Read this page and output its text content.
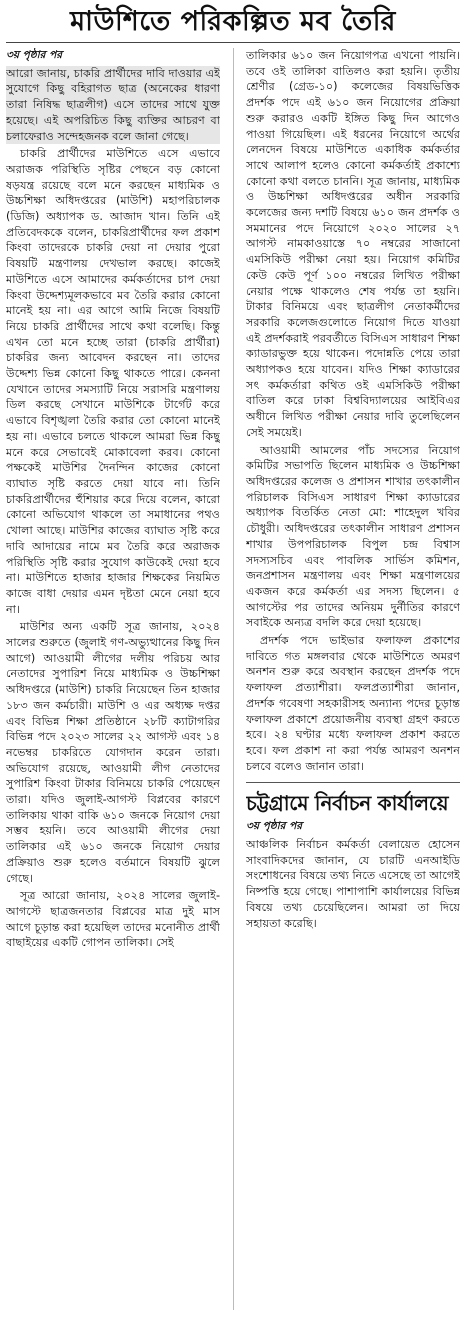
মাউশিতে পরিকল্পিত মব তৈরি
৩য় পৃষ্ঠার পর

আরো জানায়, চাকরি প্রার্থীদের দাবি দাওয়ার এই সুযোগে কিছু বহিরাগত ছাত্র (অনেকের ধারণা তারা নিষিদ্ধ ছাত্রলীগ) এসে তাদের সাথে যুক্ত হয়েছে। এই অপরিচিত কিছু ব্যক্তির আচরণ বা চলাফেরাও সন্দেহজনক বলে জানা গেছে।

চাকরি প্রার্থীদের মাউশিতে এসে এভাবে অরাজক পরিস্থিতি সৃষ্টির পেছনে বড় কোনো ষড়যন্ত্র রয়েছে বলে মনে করছেন মাধ্যমিক ও উচ্চশিক্ষা অধিদপ্তরের (মাউশি) মহাপরিচালক (ডিজি) অধ্যাপক ড. আজাদ খান। তিনি এই প্রতিবেদককে বলেন, চাকরিপ্রার্থীদের ফল প্রকাশ কিংবা তাদেরকে চাকরি দেয়া না দেয়ার পুরো বিষয়টি মন্ত্রণালয় দেখভাল করছে। কাজেই মাউশিতে এসে আমাদের কর্মকর্তাদের চাপ দেয়া কিংবা উদ্দেশ্যমূলকভাবে মব তৈরি করার কোনো মানেই হয় না। এর আগে আমি নিজে বিষয়টি নিয়ে চাকরি প্রার্থীদের সাথে কথা বলেছি। কিন্তু এখন তো মনে হচ্ছে তারা (চাকরি প্রার্থীরা) চাকরির জন্য আবেদন করছেন না। তাদের উদ্দেশ্য ভিন্ন কোনো কিছু থাকতে পারে। কেননা যেখানে তাদের সমস্যাটি নিয়ে সরাসরি মন্ত্রণালয় ডিল করছে সেখানে মাউশিকে টার্গেট করে এভাবে বিশৃঙ্খলা তৈরি করার তো কোনো মানেই হয় না। এভাবে চলতে থাকলে আমরা ভিন্ন কিছু মনে করে সেভাবেই মোকাবেলা করব। কোনো পক্ষকেই মাউশির দৈনন্দিন কাজের কোনো ব্যাঘাত সৃষ্টি করতে দেয়া যাবে না। তিনি চাকরিপ্রার্থীদের হুঁশিয়ার করে দিয়ে বলেন, কারো কোনো অভিযোগ থাকলে তা সমাধানের পথও খোলা আছে। মাউশির কাজের ব্যাঘাত সৃষ্টি করে দাবি আদায়ের নামে মব তৈরি করে অরাজক পরিস্থিতি সৃষ্টি করার সুযোগ কাউকেই দেয়া হবে না। মাউশিতে হাজার হাজার শিক্ষকের নিয়মিত কাজে বাধা দেয়ার এমন দৃষ্টতা মেনে নেয়া হবে না।

মাউশির অন্য একটি সূত্র জানায়, ২০২৪ সালের শুরুতে (জুলাই গণ-অভ্যুত্থানের কিছু দিন আগে) আওয়ামী লীগের দলীয় পরিচয় আর নেতাদের সুপারিশ নিয়ে মাধ্যমিক ও উচ্চশিক্ষা অধিদপ্তরে (মাউশি) চাকরি নিয়েছেন তিন হাজার ১৮৩ জন কর্মচারী। মাউশি ও এর অধ্যক্ষ দপ্তর এবং বিভিন্ন শিক্ষা প্রতিষ্ঠানে ২৮টি ক্যাটাগরির বিভিন্ন পদে ২০২৩ সালের ২২ আগস্ট এবং ১৪ নভেম্বর চাকরিতে যোগদান করেন তারা। অভিযোগ রয়েছে, আওয়ামী লীগ নেতাদের সুপারিশ কিংবা টাকার বিনিময়ে চাকরি পেয়েছেন তারা। যদিও জুলাই-আগস্ট বিপ্লবের কারণে তালিকায় থাকা বাকি ৬১০ জনকে নিয়োগ দেয়া সম্ভব হয়নি। তবে আওয়ামী লীগের দেয়া তালিকার এই ৬১০ জনকে নিয়োগ দেয়ার প্রক্রিয়াও শুরু হলেও বর্তমানে বিষয়টি ঝুলে গেছে।

সূত্র আরো জানায়, ২০২৪ সালের জুলাই-আগস্টে ছাত্রজনতার বিপ্লবের মাত্র দুই মাস আগে চূড়ান্ত করা হয়েছিল তাদের মনোনীত প্রার্থী বাছাইয়ের একটি গোপন তালিকা। সেই

তালিকার ৬১০ জন নিয়োগপত্র এখনো পায়নি। তবে ওই তালিকা বাতিলও করা হয়নি। তৃতীয় শ্রেণীর (গ্রেড-১০) কলেজের বিষয়ভিত্তিক প্রদর্শক পদে এই ৬১০ জন নিয়োগের প্রক্রিয়া শুরু করারও একটি ইঙ্গিত কিছু দিন আগেও পাওয়া গিয়েছিল। এই ধরনের নিয়োগে অর্থের লেনদেন বিষয়ে মাউশিতে একাধিক কর্মকর্তার সাথে আলাপ হলেও কোনো কর্মকর্তাই প্রকাশ্যে কোনো কথা বলতে চাননি। সূত্র জানায়, মাধ্যমিক ও উচ্চশিক্ষা অধিদপ্তরের অধীন সরকারি কলেজের জন্য দশটি বিষয়ে ৬১০ জন প্রদর্শক ও সমমানের পদে নিয়োগে ২০২০ সালের ২৭ আগস্ট নামকাওয়াস্তে ৭০ নম্বরের সাজানো এমসিকিউ পরীক্ষা নেয়া হয়। নিয়োগ কমিটির কেউ কেউ পূর্ণ ১০০ নম্বরের লিখিত পরীক্ষা নেয়ার পক্ষে থাকলেও শেষ পর্যন্ত তা হয়নি। টাকার বিনিময়ে এবং ছাত্রলীগ নেতাকর্মীদের সরকারি কলেজগুলোতে নিয়োগ দিতে যাওয়া এই প্রদর্শকরাই পরবর্তীতে বিসিএস সাধারণ শিক্ষা ক্যাডারভুক্ত হয়ে থাকেন। পদোন্নতি পেয়ে তারা অধ্যাপকও হয়ে যাবেন। যদিও শিক্ষা ক্যাডারের সৎ কর্মকর্তারা কথিত ওই এমসিকিউ পরীক্ষা বাতিল করে ঢাকা বিশ্ববিদ্যালয়ের আইবিএর অধীনে লিখিত পরীক্ষা নেয়ার দাবি তুলেছিলেন সেই সময়েই।

আওয়ামী আমলের পাঁচ সদস্যের নিয়োগ কমিটির সভাপতি ছিলেন মাধ্যমিক ও উচ্চশিক্ষা অধিদপ্তরের কলেজ ও প্রশাসন শাখার তৎকালীন পরিচালক বিসিএস সাধারণ শিক্ষা ক্যাডারের অধ্যাপক বিতর্কিত নেতা মো: শাহেদুল খবির চৌধুরী। অধিদপ্তরের তৎকালীন সাধারণ প্রশাসন শাখার উপপরিচালক বিপুল চন্দ্র বিশ্বাস সদস্যসচিব এবং পাবলিক সার্ভিস কমিশন, জনপ্রশাসন মন্ত্রণালয় এবং শিক্ষা মন্ত্রণালয়ের একজন করে কর্মকর্তা এর সদস্য ছিলেন। ৫ আগস্টের পর তাদের অনিয়ম দুর্নীতির কারণে সবাইকে অন্যত্র বদলি করে দেয়া হয়েছে।

প্রদর্শক পদে ভাইভার ফলাফল প্রকাশের দাবিতে গত মঙ্গলবার থেকে মাউশিতে অমরণ অনশন শুরু করে অবস্থান করছেন প্রদর্শক পদে ফলাফল প্রত্যাশীরা। ফলপ্রত্যাশীরা জানান, প্রদর্শক গবেষণা সহকারীসহ অন্যান্য পদের চূড়ান্ত ফলাফল প্রকাশে প্রয়োজনীয় ব্যবস্থা গ্রহণ করতে হবে। ২৪ ঘণ্টার মধ্যে ফলাফল প্রকাশ করতে হবে। ফল প্রকাশ না করা পর্যন্ত আমরণ অনশন চলবে বলেও জানান তারা।

চট্টগ্রামে নির্বাচন কার্যালয়ে
৩য় পৃষ্ঠার পর

আঞ্চলিক নির্বাচন কর্মকর্তা বেলায়েত হোসেন সাংবাদিকদের জানান, যে চারটি এনআইডি সংশোধনের বিষয়ে তথ্য নিতে এসেছে তা আগেই নিষ্পত্তি হয়ে গেছে। পাশাপাশি কার্যালয়ের বিভিন্ন বিষয়ে তথ্য চেয়েছিলেন। আমরা তা দিয়ে সহায়তা করেছি।
